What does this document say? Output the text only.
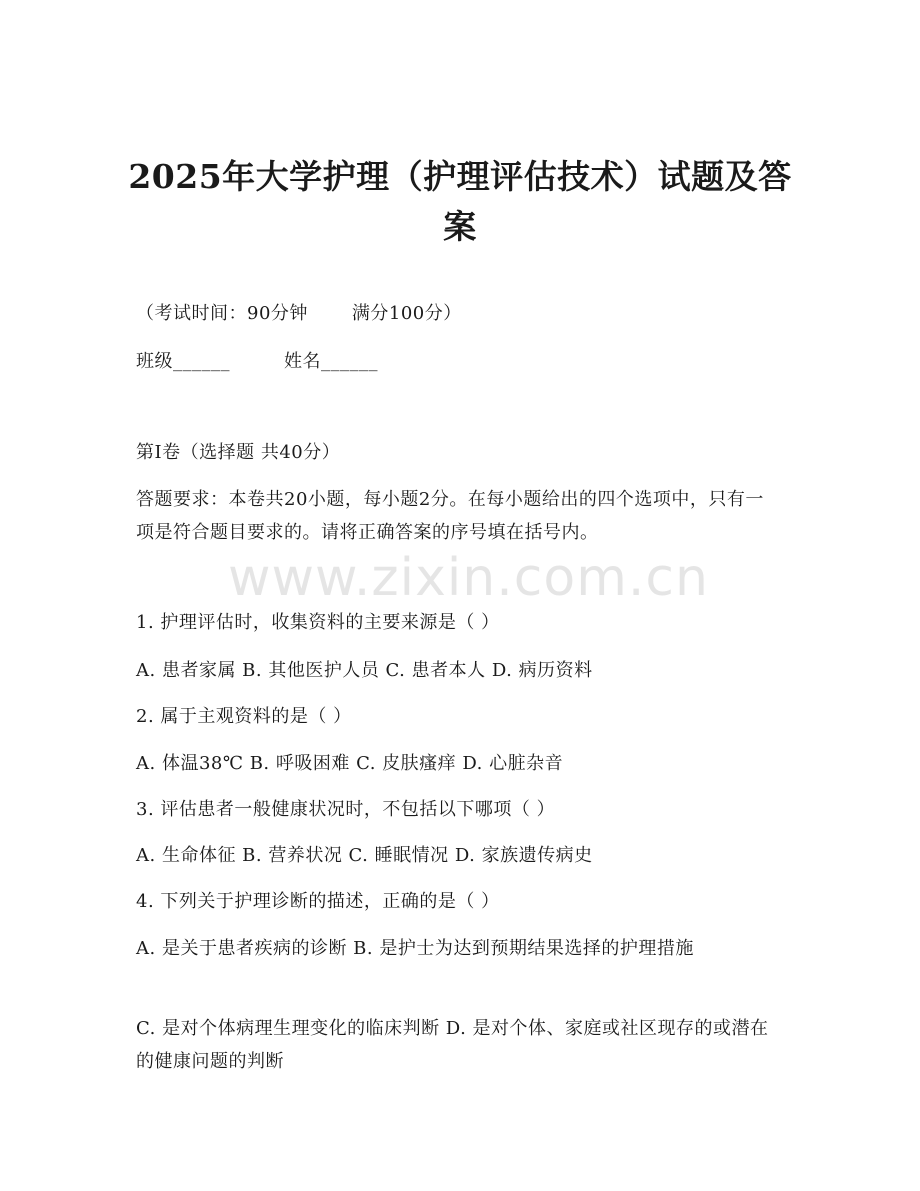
2025年大学护理（护理评估技术）试题及答
案
（考试时间：90分钟 满分100分）
班级______	姓名______
第I卷（选择题 共40分）
答题要求：本卷共20小题，每小题2分。在每小题给出的四个选项中，只有一项是符合题目要求的。请将正确答案的序号填在括号内。
1. 护理评估时，收集资料的主要来源是（ ）
A. 患者家属 B. 其他医护人员 C. 患者本人 D. 病历资料
2. 属于主观资料的是（ ）
A. 体温38℃ B. 呼吸困难 C. 皮肤瘙痒 D. 心脏杂音
3. 评估患者一般健康状况时，不包括以下哪项（ ）
A. 生命体征 B. 营养状况 C. 睡眠情况 D. 家族遗传病史
4. 下列关于护理诊断的描述，正确的是（ ）
A. 是关于患者疾病的诊断 B. 是护士为达到预期结果选择的护理措施
C. 是对个体病理生理变化的临床判断 D. 是对个体、家庭或社区现存的或潜在的健康问题的判断
www.zixin.com.cn
